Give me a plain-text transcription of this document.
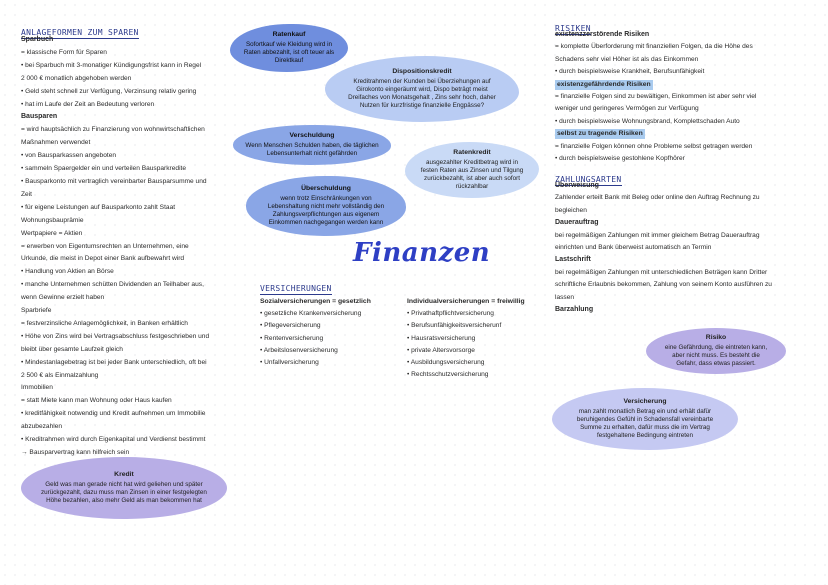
ANLAGEFORMEN ZUM SPAREN
Sparbuch
= klassische Form für Sparen
• bei Sparbuch mit 3-monatiger Kündigungsfrist kann in Regel
2 000 € monatlich abgehoben werden
• Geld steht schnell zur Verfügung, Verzinsung relativ gering
• hat im Laufe der Zeit an Bedeutung verloren
Bausparen
= wird hauptsächlich zu Finanzierung von wohnwirtschaftlichen
Maßnahmen verwendet
• von Bausparkassen angeboten
• sammeln Spaergelder ein und verteilen Bausparkredite
• Bausparkonto mit vertraglich vereinbarter Bausparsumme und
Zeit
• für eigene Leistungen auf Bausparkonto zahlt Staat
Wohnungsbauprämie
Wertpapiere = Aktien
= erwerben von Eigentumsrechten an Unternehmen, eine
Urkunde, die meist in Depot einer Bank aufbewahrt wird
• Handlung von Aktien an Börse
• manche Unternehmen schütten Dividenden an Teilhaber aus,
wenn Gewinne erzielt haben
Sparbriefe
= festverzinsliche Anlagemöglichkeit, in Banken erhältlich
• Höhe von Zins wird bei Vertragsabschluss festgeschrieben und
bleibt über gesamte Laufzeit gleich
• Mindestanlagebetrag ist bei jeder Bank unterschiedlich, oft bei
2 500 € als Einmalzahlung
Immobilien
= statt Miete kann man Wohnung oder Haus kaufen
• kreditfähigkeit notwendig und Kredit aufnehmen um Immobilie
abzubezahlen
• Kreditrahmen wird durch Eigenkapital und Verdienst bestimmt
→ Bausparvertrag kann hilfreich sein
Ratenkauf
Sofortkauf wie Kleidung wird in Raten abbezahlt, ist oft teuer als Direktkauf
Dispositionskredit
Kreditrahmen der Kunden bei Überziehungen auf Girokonto eingeräumt wird, Dispo beträgt meist Dreifaches von Monatsgehalt , Zins sehr hoch, daher Nutzen für kurzfristige finanzielle Engpässe?
Verschuldung
Wenn Menschen Schulden haben, die täglichen Lebensunterhalt nicht gefährden	Ratenkredit
ausgezahlter Kreditbetrag wird in festen Raten aus Zinsen und Tilgung zurückbezahlt, ist aber auch sofort rückzahlbar
Überschuldung
wenn trotz Einschränkungen von Lebenshaltung nicht mehr vollständig den Zahlungsverpflichtungen aus eigenem Einkommen nachgegangen werden kann
Kredit
Geld was man gerade nicht hat wird geliehen und später zurückgezahlt, dazu muss man Zinsen in einer festgelegten Höhe bezahlen, also mehr Geld als man bekommen hat
Risiko
eine Gefährdung, die eintreten kann, aber nicht muss. Es besteht die Gefahr, dass etwas passiert.
Versicherung
man zahlt monatlich Betrag ein und erhält dafür beruhigendes Gefühl in Schadensfall vereinbarte Summe zu erhalten, dafür muss die im Vertrag festgehaltene Bedingung eintreten
Finanzen
VERSICHERUNGEN
Sozialversicherungen = gesetzlich
• gesetzliche Krankenversicherung
• Pflegeversicherung
• Rentenversicherung
• Arbeitslosenversicherung
• Unfallversicherung
Individualversicherungen = freiwillig
• Privathaftpflichtversicherung
• Berufsunfähigkeitsversicherunf
• Hausratsversicherung
• private Altersvorsorge
• Ausbildungsversicherung
• Rechtsschutzversicherung
RISIKEN
existenzzerstörende Risiken
= komplette Überforderung mit finanziellen Folgen, da die Höhe des
Schadens sehr viel Höher ist als das Einkommen
• durch beispielsweise Krankheit, Berufsunfähigkeit
existenzgefährdende Risiken
= finanzielle Folgen sind zu bewältigen, Einkommen ist aber sehr viel
weniger und geringeres Vermögen zur Verfügung
• durch beispielsweise Wohnungsbrand, Komplettschaden Auto
selbst zu tragende Risiken
= finanzielle Folgen können ohne Probleme selbst getragen werden
• durch beispielsweise gestohlene Kopfhörer
ZAHLUNGSARTEN
Überweisung
Zahlender erteilt Bank mit Beleg oder online den Auftrag Rechnung zu
begleichen
Dauerauftrag
bei regelmäßigen Zahlungen mit immer gleichem Betrag Dauerauftrag
einrichten und Bank überweist automatisch an Termin
Lastschrift
bei regelmäßigen Zahlungen mit unterschiedlichen Beträgen kann Dritter
schriftliche Erlaubnis bekommen, Zahlung von seinem Konto ausführen zu
lassen
Barzahlung
